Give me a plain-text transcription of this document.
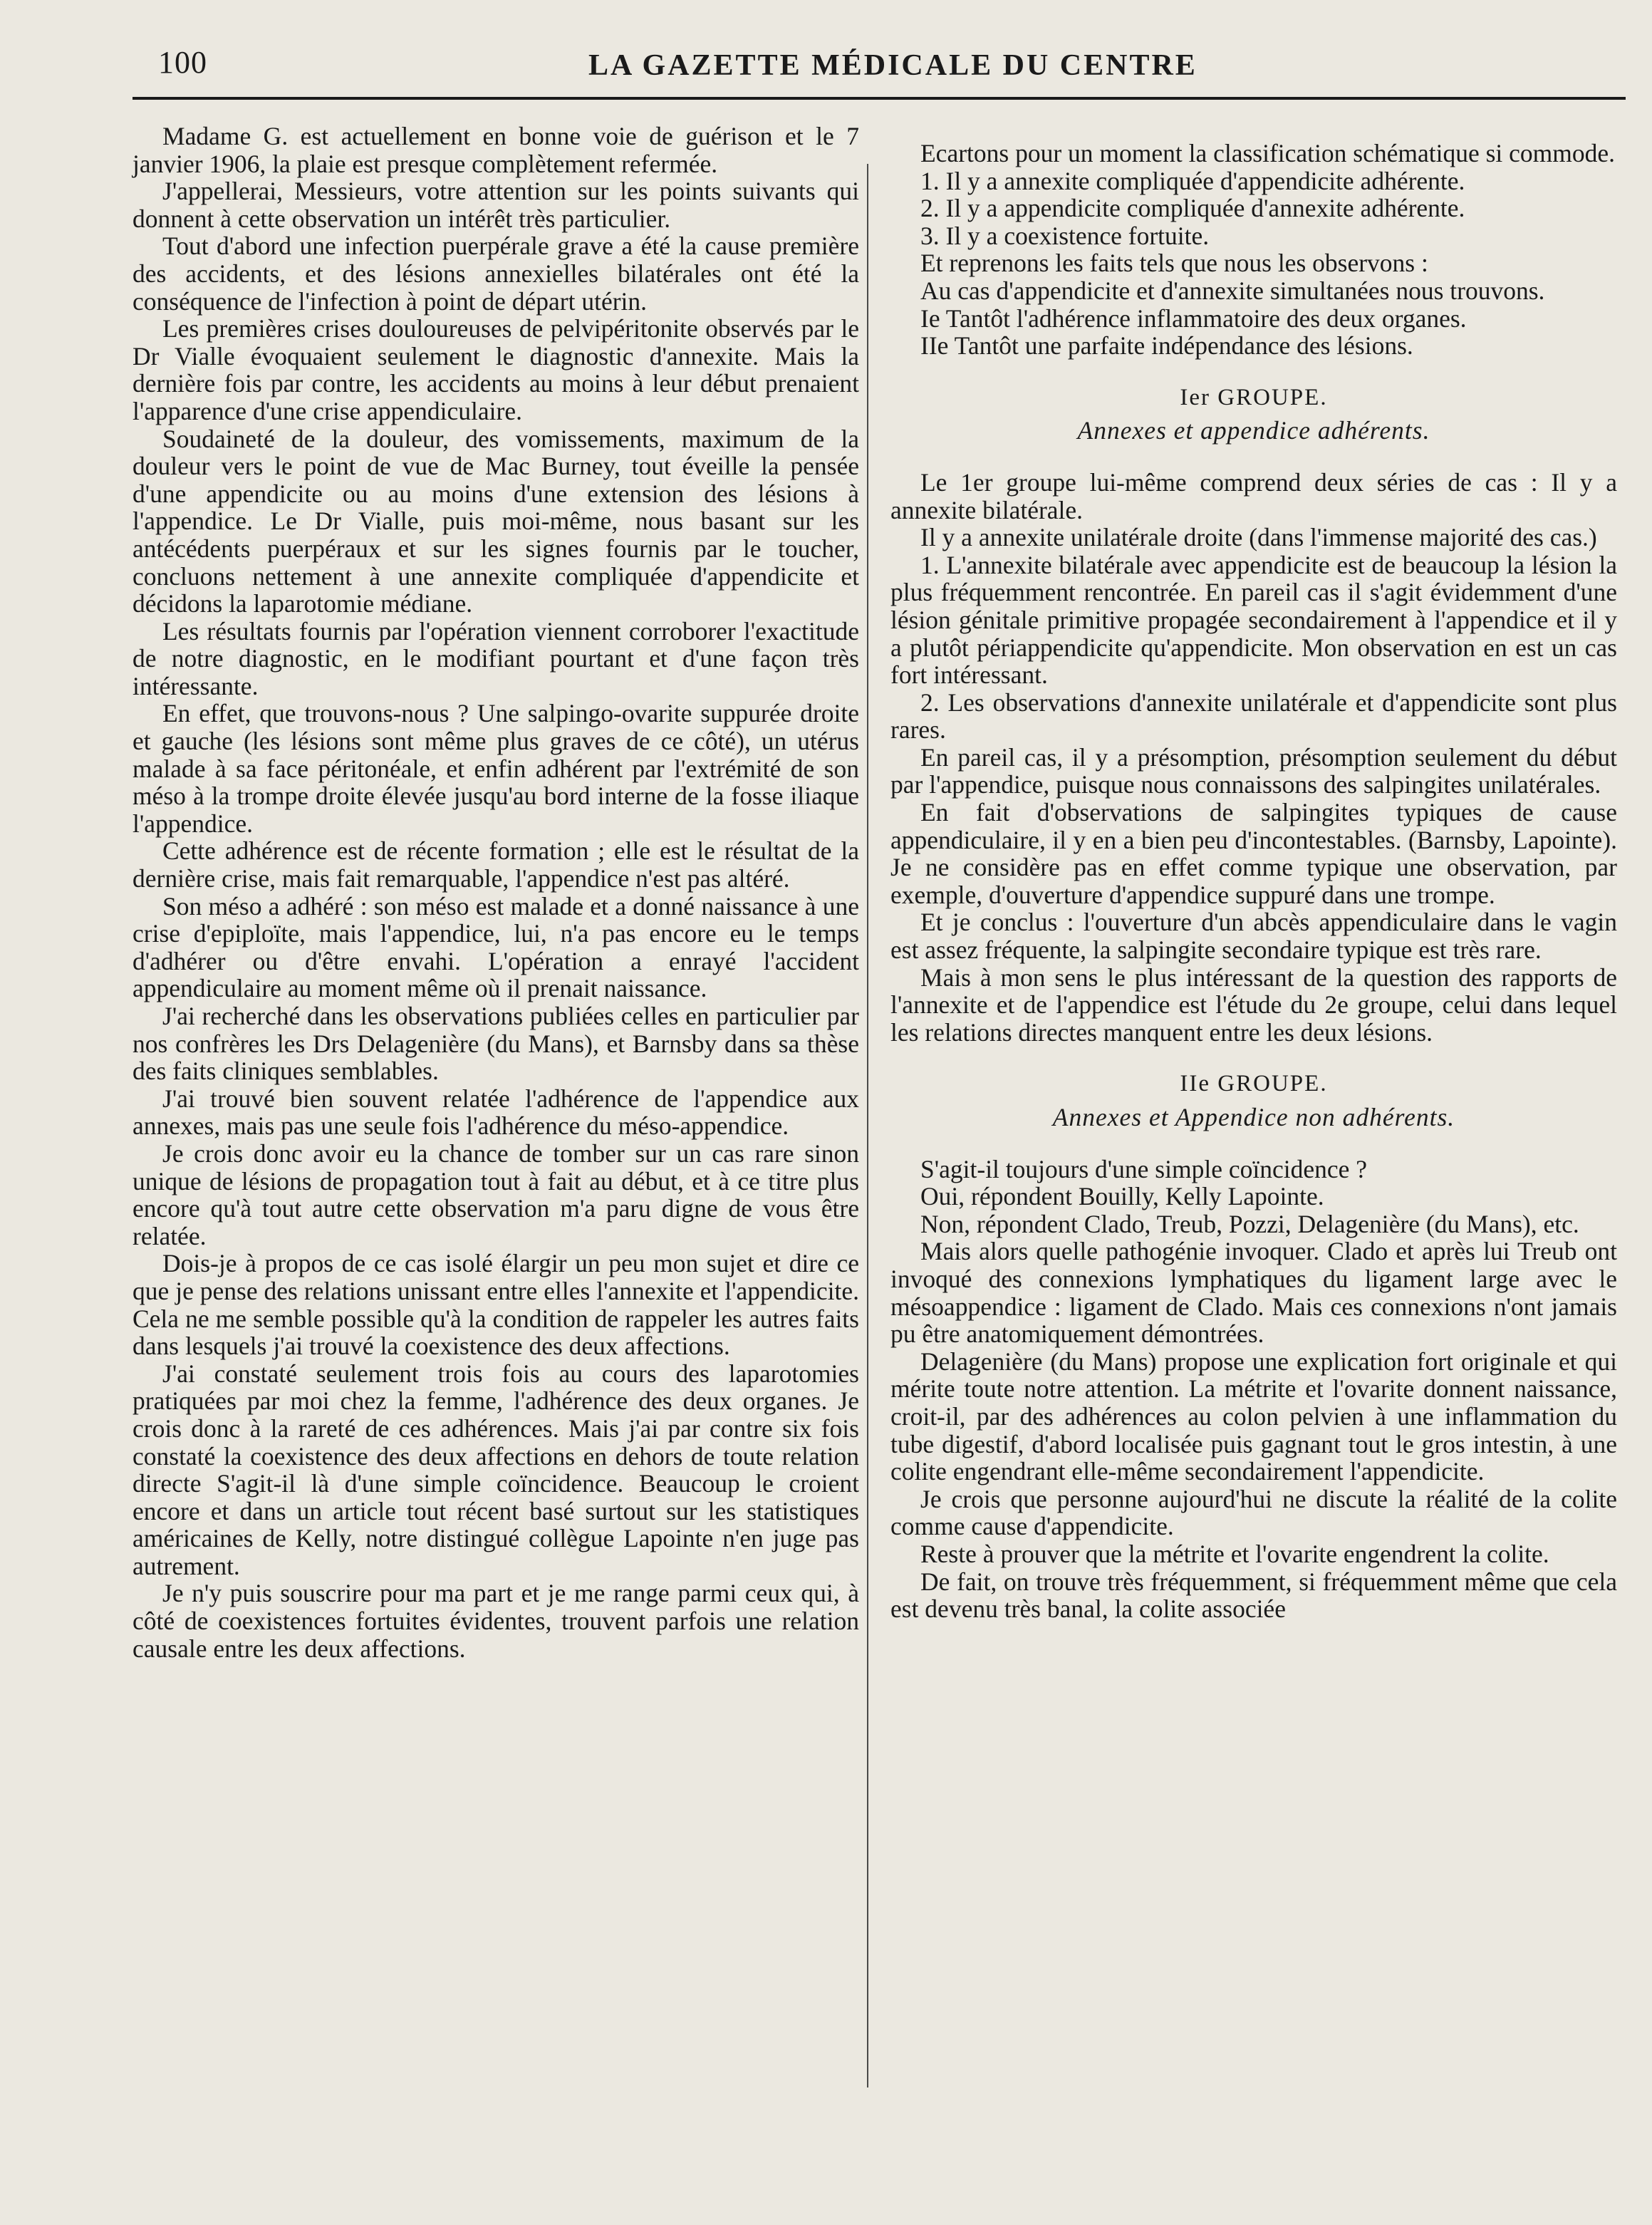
100	LA GAZETTE MÉDICALE DU CENTRE

Madame G. est actuellement en bonne voie de guérison et le 7 janvier 1906, la plaie est presque complètement refermée.

J'appellerai, Messieurs, votre attention sur les points suivants qui donnent à cette observation un intérêt très particulier.

Tout d'abord une infection puerpérale grave a été la cause première des accidents, et des lésions annexielles bilatérales ont été la conséquence de l'infection à point de départ utérin.

Les premières crises douloureuses de pelvipéritonite observés par le Dr Vialle évoquaient seulement le diagnostic d'annexite. Mais la dernière fois par contre, les accidents au moins à leur début prenaient l'apparence d'une crise appendiculaire.

Soudaineté de la douleur, des vomissements, maximum de la douleur vers le point de vue de Mac Burney, tout éveille la pensée d'une appendicite ou au moins d'une extension des lésions à l'appendice. Le Dr Vialle, puis moi-même, nous basant sur les antécédents puerpéraux et sur les signes fournis par le toucher, concluons nettement à une annexite compliquée d'appendicite et décidons la laparotomie médiane.

Les résultats fournis par l'opération viennent corroborer l'exactitude de notre diagnostic, en le modifiant pourtant et d'une façon très intéressante.

En effet, que trouvons-nous ? Une salpingo-ovarite suppurée droite et gauche (les lésions sont même plus graves de ce côté), un utérus malade à sa face péritonéale, et enfin adhérent par l'extrémité de son méso à la trompe droite élevée jusqu'au bord interne de la fosse iliaque l'appendice.

Cette adhérence est de récente formation ; elle est le résultat de la dernière crise, mais fait remarquable, l'appendice n'est pas altéré.

Son méso a adhéré : son méso est malade et a donné naissance à une crise d'epiploïte, mais l'appendice, lui, n'a pas encore eu le temps d'adhérer ou d'être envahi. L'opération a enrayé l'accident appendiculaire au moment même où il prenait naissance.

J'ai recherché dans les observations publiées celles en particulier par nos confrères les Drs Delagenière (du Mans), et Barnsby dans sa thèse des faits cliniques semblables.

J'ai trouvé bien souvent relatée l'adhérence de l'appendice aux annexes, mais pas une seule fois l'adhérence du méso-appendice.

Je crois donc avoir eu la chance de tomber sur un cas rare sinon unique de lésions de propagation tout à fait au début, et à ce titre plus encore qu'à tout autre cette observation m'a paru digne de vous être relatée.

Dois-je à propos de ce cas isolé élargir un peu mon sujet et dire ce que je pense des relations unissant entre elles l'annexite et l'appendicite. Cela ne me semble possible qu'à la condition de rappeler les autres faits dans lesquels j'ai trouvé la coexistence des deux affections.

J'ai constaté seulement trois fois au cours des laparotomies pratiquées par moi chez la femme, l'adhérence des deux organes. Je crois donc à la rareté de ces adhérences. Mais j'ai par contre six fois constaté la coexistence des deux affections en dehors de toute relation directe S'agit-il là d'une simple coïncidence. Beaucoup le croient encore et dans un article tout récent basé surtout sur les statistiques américaines de Kelly, notre distingué collègue Lapointe n'en juge pas autrement.

Je n'y puis souscrire pour ma part et je me range parmi ceux qui, à côté de coexistences fortuites évidentes, trouvent parfois une relation causale entre les deux affections.

Ecartons pour un moment la classification schématique si commode.

1. Il y a annexite compliquée d'appendicite adhérente.

2. Il y a appendicite compliquée d'annexite adhérente.

3. Il y a coexistence fortuite.

Et reprenons les faits tels que nous les observons :

Au cas d'appendicite et d'annexite simultanées nous trouvons.

Ie Tantôt l'adhérence inflammatoire des deux organes.

IIe Tantôt une parfaite indépendance des lésions.

Ier GROUPE.

Annexes et appendice adhérents.

Le 1er groupe lui-même comprend deux séries de cas : Il y a annexite bilatérale.

Il y a annexite unilatérale droite (dans l'immense majorité des cas.)

1. L'annexite bilatérale avec appendicite est de beaucoup la lésion la plus fréquemment rencontrée. En pareil cas il s'agit évidemment d'une lésion génitale primitive propagée secondairement à l'appendice et il y a plutôt périappendicite qu'appendicite. Mon observation en est un cas fort intéressant.

2. Les observations d'annexite unilatérale et d'appendicite sont plus rares.

En pareil cas, il y a présomption, présomption seulement du début par l'appendice, puisque nous connaissons des salpingites unilatérales.

En fait d'observations de salpingites typiques de cause appendiculaire, il y en a bien peu d'incontestables. (Barnsby, Lapointe). Je ne considère pas en effet comme typique une observation, par exemple, d'ouverture d'appendice suppuré dans une trompe.

Et je conclus : l'ouverture d'un abcès appendiculaire dans le vagin est assez fréquente, la salpingite secondaire typique est très rare.

Mais à mon sens le plus intéressant de la question des rapports de l'annexite et de l'appendice est l'étude du 2e groupe, celui dans lequel les relations directes manquent entre les deux lésions.

IIe GROUPE.

Annexes et Appendice non adhérents.

S'agit-il toujours d'une simple coïncidence ?

Oui, répondent Bouilly, Kelly Lapointe.

Non, répondent Clado, Treub, Pozzi, Delagenière (du Mans), etc.

Mais alors quelle pathogénie invoquer. Clado et après lui Treub ont invoqué des connexions lymphatiques du ligament large avec le mésoappendice : ligament de Clado. Mais ces connexions n'ont jamais pu être anatomiquement démontrées.

Delagenière (du Mans) propose une explication fort originale et qui mérite toute notre attention. La métrite et l'ovarite donnent naissance, croit-il, par des adhérences au colon pelvien à une inflammation du tube digestif, d'abord localisée puis gagnant tout le gros intestin, à une colite engendrant elle-même secondairement l'appendicite.

Je crois que personne aujourd'hui ne discute la réalité de la colite comme cause d'appendicite.

Reste à prouver que la métrite et l'ovarite engendrent la colite.

De fait, on trouve très fréquemment, si fréquemment même que cela est devenu très banal, la colite associée
